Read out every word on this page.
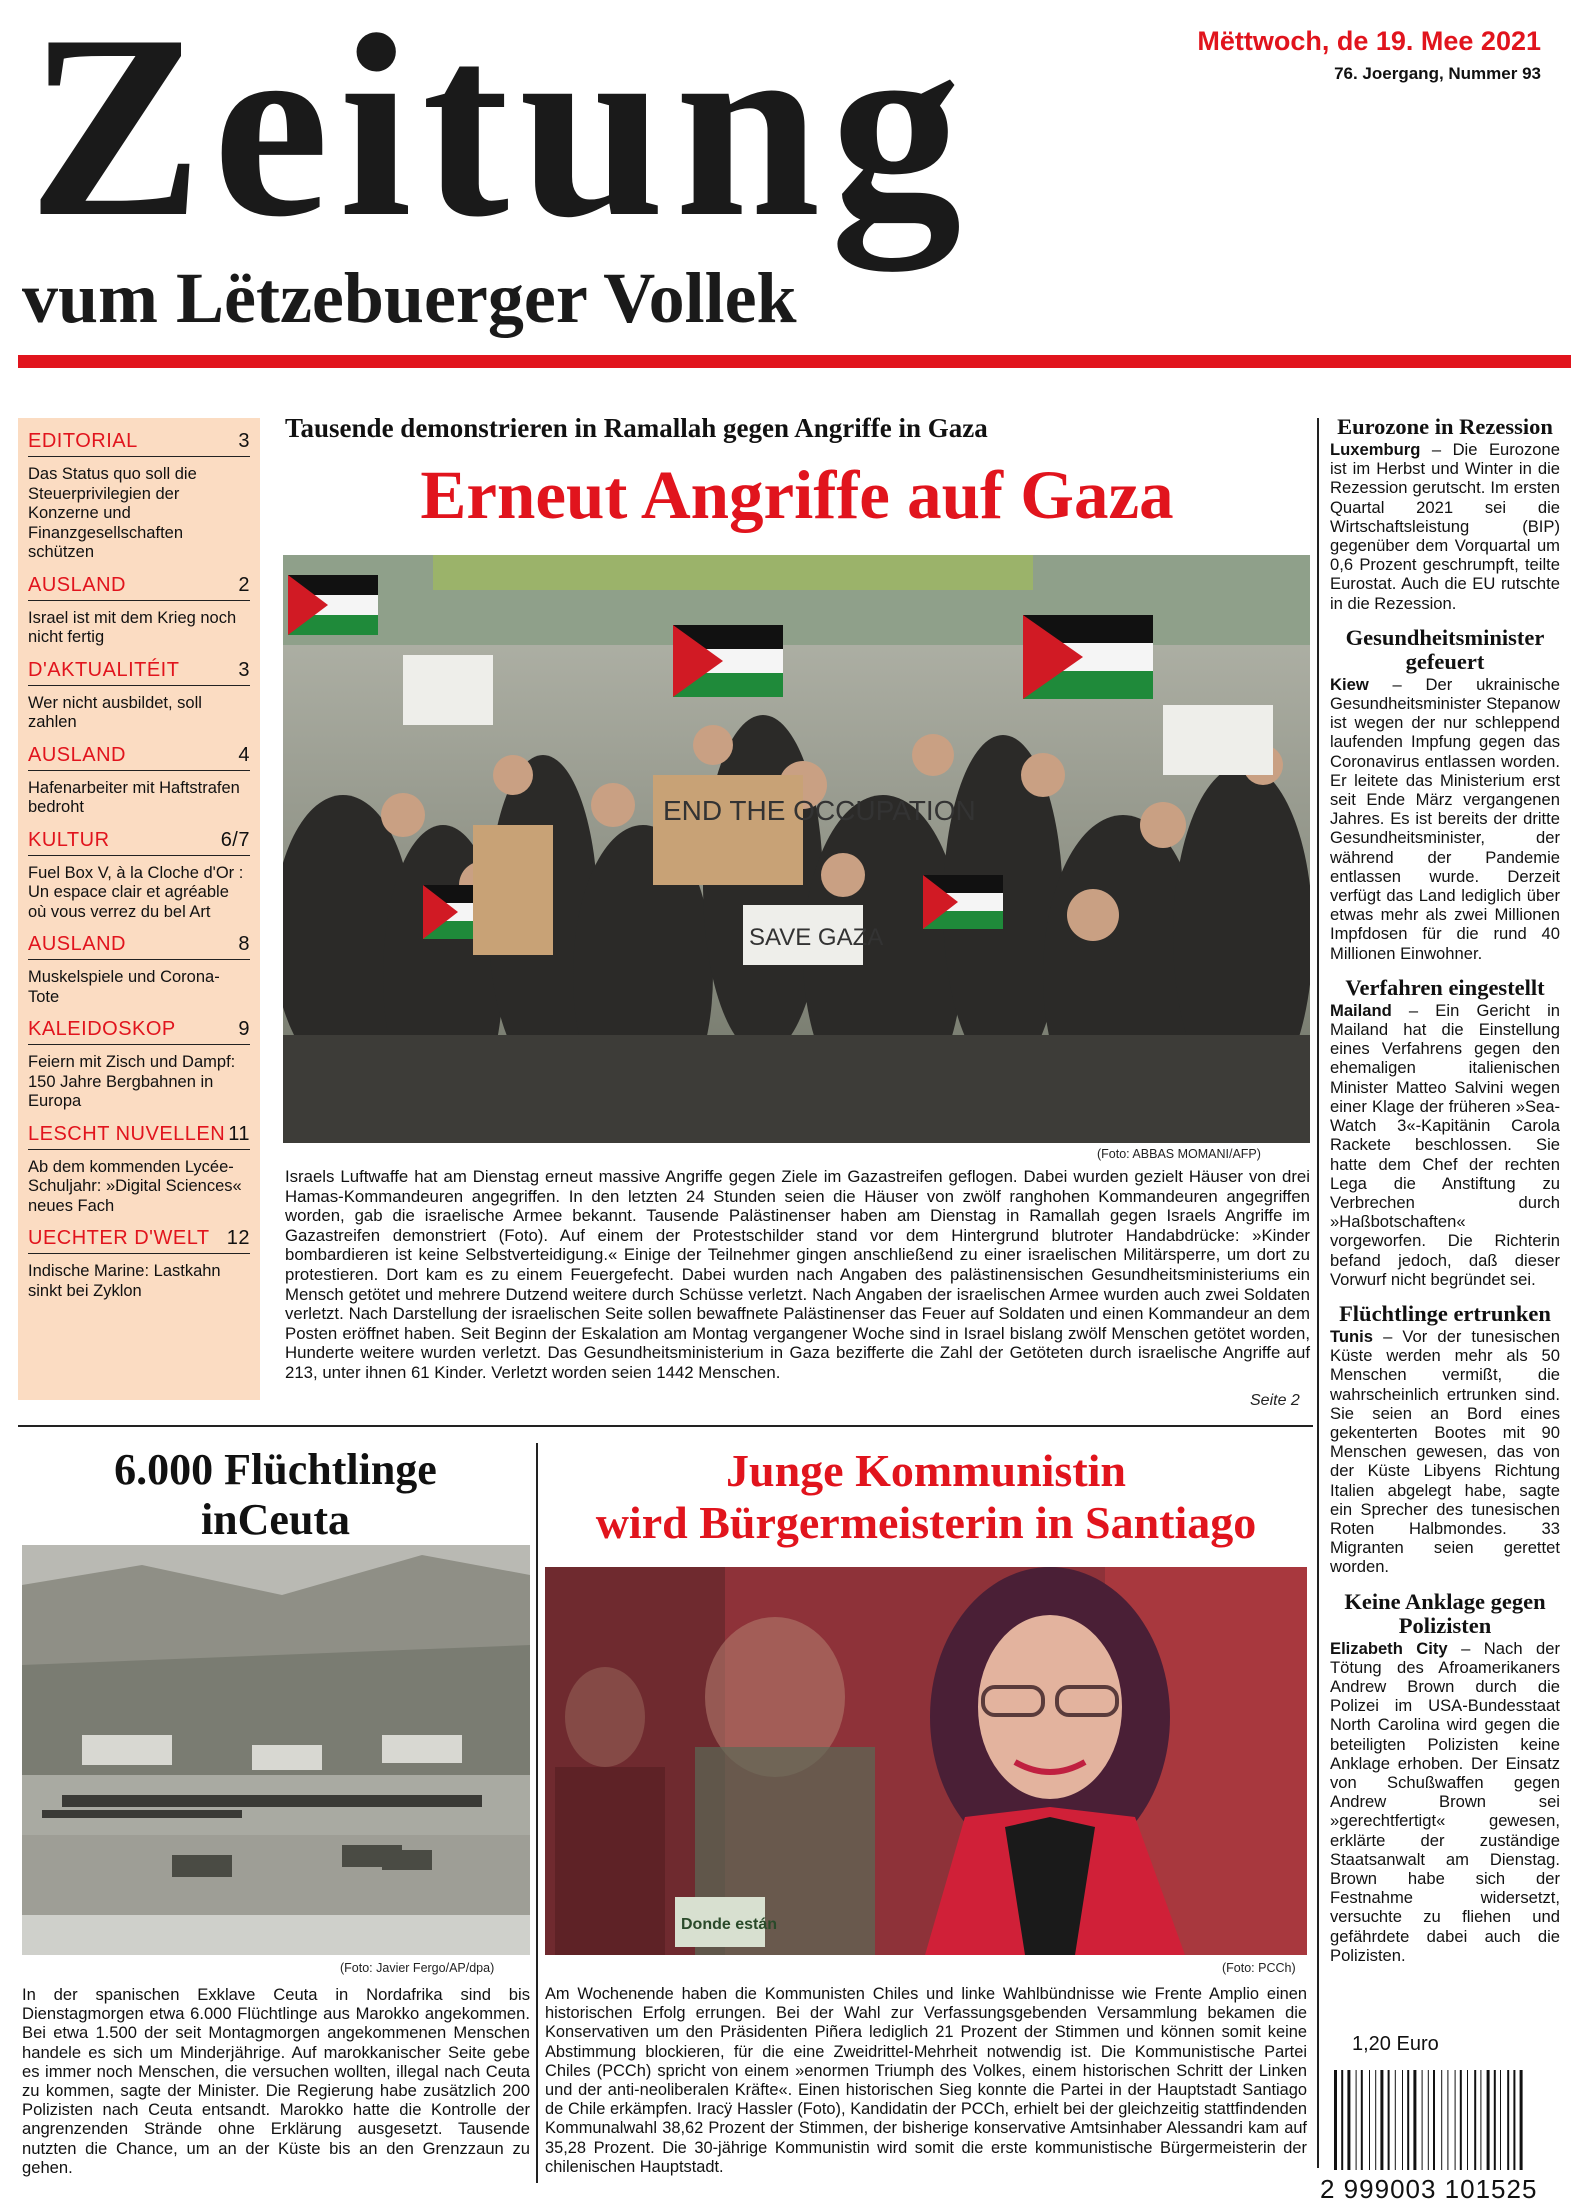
Zeitung
vum Lëtzebuerger Vollek
Mëttwoch, de 19. Mee 2021
76. Joergang, Nummer 93
EDITORIAL	3
Das Status quo soll die Steuerprivilegien der Konzerne und Finanzgesellschaften schützen
AUSLAND	2
Israel ist mit dem Krieg noch nicht fertig
D'AKTUALITÉIT	3
Wer nicht ausbildet, soll zahlen
AUSLAND	4
Hafenarbeiter mit Haftstrafen bedroht
KULTUR	6/7
Fuel Box V, à la Cloche d'Or : Un espace clair et agréable où vous verrez du bel Art
AUSLAND	8
Muskelspiele und Corona-Tote
KALEIDOSKOP	9
Feiern mit Zisch und Dampf: 150 Jahre Bergbahnen in Europa
LESCHT NUVELLEN 11
Ab dem kommenden Lycée-Schuljahr: »Digital Sciences« neues Fach
UECHTER D'WELT 12
Indische Marine: Lastkahn sinkt bei Zyklon
Tausende demonstrieren in Ramallah gegen Angriffe in Gaza
Erneut Angriffe auf Gaza
END THE OCCUPATION
SAVE GAZA
(Foto: ABBAS MOMANI/AFP)
Israels Luftwaffe hat am Dienstag erneut massive Angriffe gegen Ziele im Gazastreifen geflogen. Dabei wurden gezielt Häuser von drei Hamas-Kommandeuren angegriffen. In den letzten 24 Stunden seien die Häuser von zwölf ranghohen Kommandeuren angegriffen worden, gab die israelische Armee bekannt. Tausende Palästinenser haben am Dienstag in Ramallah gegen Israels Angriffe im Gazastreifen demonstriert (Foto). Auf einem der Protestschilder stand vor dem Hintergrund blutroter Handabdrücke: »Kinder bombardieren ist keine Selbstverteidigung.« Einige der Teilnehmer gingen anschließend zu einer israelischen Militärsperre, um dort zu protestieren. Dort kam es zu einem Feuergefecht. Dabei wurden nach Angaben des palästinensischen Gesundheitsministeriums ein Mensch getötet und mehrere Dutzend weitere durch Schüsse verletzt. Nach Angaben der israelischen Armee wurden auch zwei Soldaten verletzt. Nach Darstellung der israelischen Seite sollen bewaffnete Palästinenser das Feuer auf Soldaten und einen Kommandeur an dem Posten eröffnet haben. Seit Beginn der Eskalation am Montag vergangener Woche sind in Israel bislang zwölf Menschen getötet worden, Hunderte weitere wurden verletzt. Das Gesundheitsministerium in Gaza bezifferte die Zahl der Getöteten durch israelische Angriffe auf 213, unter ihnen 61 Kinder. Verletzt worden seien 1442 Menschen.
Seite 2
Eurozone in Rezession
Luxemburg – Die Eurozone ist im Herbst und Winter in die Rezession gerutscht. Im ersten Quartal 2021 sei die Wirtschaftsleistung (BIP) gegenüber dem Vorquartal um 0,6 Prozent geschrumpft, teilte Eurostat. Auch die EU rutschte in die Rezession.
Gesundheitsminister gefeuert
Kiew – Der ukrainische Gesundheitsminister Stepanow ist wegen der nur schleppend laufenden Impfung gegen das Coronavirus entlassen worden. Er leitete das Ministerium erst seit Ende März vergangenen Jahres. Es ist bereits der dritte Gesundheitsminister, der während der Pandemie entlassen wurde. Derzeit verfügt das Land lediglich über etwas mehr als zwei Millionen Impfdosen für die rund 40 Millionen Einwohner.
Verfahren eingestellt
Mailand – Ein Gericht in Mailand hat die Einstellung eines Verfahrens gegen den ehemaligen italienischen Minister Matteo Salvini wegen einer Klage der früheren »Sea-Watch 3«-Kapitänin Carola Rackete beschlossen. Sie hatte dem Chef der rechten Lega die Anstiftung zu Verbrechen durch »Haßbotschaften« vorgeworfen. Die Richterin befand jedoch, daß dieser Vorwurf nicht begründet sei.
Flüchtlinge ertrunken
Tunis – Vor der tunesischen Küste werden mehr als 50 Menschen vermißt, die wahrscheinlich ertrunken sind. Sie seien an Bord eines gekenterten Bootes mit 90 Menschen gewesen, das von der Küste Libyens Richtung Italien abgelegt habe, sagte ein Sprecher des tunesischen Roten Halbmondes. 33 Migranten seien gerettet worden.
Keine Anklage gegen Polizisten
Elizabeth City – Nach der Tötung des Afroamerikaners Andrew Brown durch die Polizei im USA-Bundesstaat North Carolina wird gegen die beteiligten Polizisten keine Anklage erhoben. Der Einsatz von Schußwaffen gegen Andrew Brown sei »gerechtfertigt« gewesen, erklärte der zuständige Staatsanwalt am Dienstag. Brown habe sich der Festnahme widersetzt, versuchte zu fliehen und gefährdete dabei auch die Polizisten.
6.000 Flüchtlinge
inCeuta
(Foto: Javier Fergo/AP/dpa)
In der spanischen Exklave Ceuta in Nordafrika sind bis Dienstagmorgen etwa 6.000 Flüchtlinge aus Marokko angekommen. Bei etwa 1.500 der seit Montagmorgen angekommenen Menschen handele es sich um Minderjährige. Auf marokkanischer Seite gebe es immer noch Menschen, die versuchen wollten, illegal nach Ceuta zu kommen, sagte der Minister. Die Regierung habe zusätzlich 200 Polizisten nach Ceuta entsandt. Marokko hatte die Kontrolle der angrenzenden Strände ohne Erklärung ausgesetzt. Tausende nutzten die Chance, um an der Küste bis an den Grenzzaun zu gehen.
Junge Kommunistin
wird Bürgermeisterin in Santiago
Donde están
(Foto: PCCh)
Am Wochenende haben die Kommunisten Chiles und linke Wahlbündnisse wie Frente Amplio einen historischen Erfolg errungen. Bei der Wahl zur Verfassungsgebenden Versammlung bekamen die Konservativen um den Präsidenten Piñera lediglich 21 Prozent der Stimmen und können somit keine Abstimmung blockieren, für die eine Zweidrittel-Mehrheit notwendig ist. Die Kommunistische Partei Chiles (PCCh) spricht von einem »enormen Triumph des Volkes, einem historischen Schritt der Linken und der anti-neoliberalen Kräfte«. Einen historischen Sieg konnte die Partei in der Hauptstadt Santiago de Chile erkämpfen. Iracÿ Hassler (Foto), Kandidatin der PCCh, erhielt bei der gleichzeitig stattfindenden Kommunalwahl 38,62 Prozent der Stimmen, der bisherige konservative Amtsinhaber Alessandri kam auf 35,28 Prozent. Die 30-jährige Kommunistin wird somit die erste kommunistische Bürgermeisterin der chilenischen Hauptstadt.
1,20 Euro
2 999003 101525
